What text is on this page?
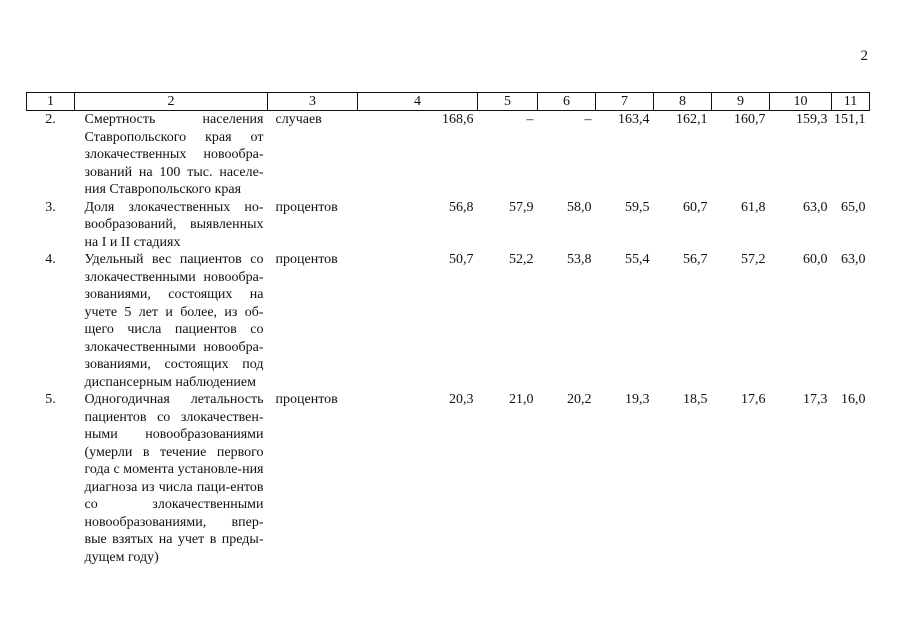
2
1	2	3	4	5	6	7	8	9	10	11
2.	Смертность населения Ставропольского края от злокачественных новообра-зований на 100 тыс. населе-ния Ставропольского края	случаев	168,6	–	–	163,4	162,1	160,7	159,3	151,1
3.	Доля злокачественных но-вообразований, выявленных на I и II стадиях	процентов	56,8	57,9	58,0	59,5	60,7	61,8	63,0	65,0
4.	Удельный вес пациентов со злокачественными новообра-зованиями, состоящих на учете 5 лет и более, из об-щего числа пациентов со злокачественными новообра-зованиями, состоящих под диспансерным наблюдением	процентов	50,7	52,2	53,8	55,4	56,7	57,2	60,0	63,0
5.	Одногодичная летальность пациентов со злокачествен-ными новообразованиями (умерли в течение первого года с момента установле-ния диагноза из числа паци-ентов со злокачественными новообразованиями, впер-вые взятых на учет в преды-дущем году)	процентов	20,3	21,0	20,2	19,3	18,5	17,6	17,3	16,0
